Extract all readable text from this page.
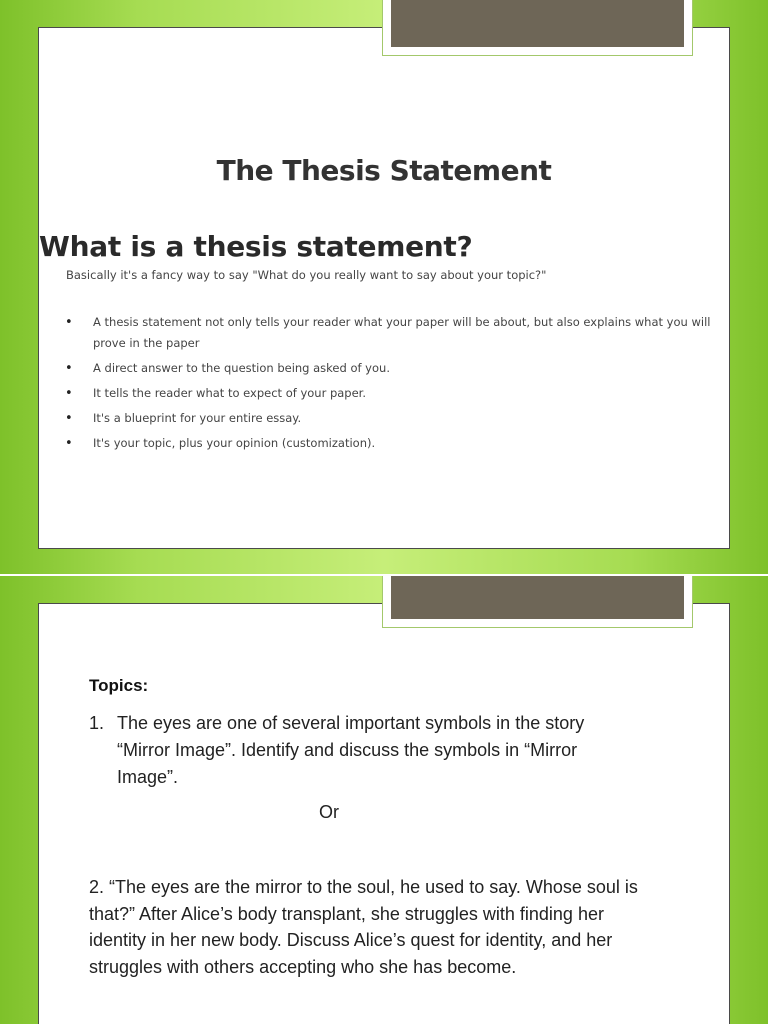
The Thesis Statement
What is a thesis statement?
Basically it's a fancy way to say "What do you really want to say about your topic?"
• A thesis statement not only tells your reader what your paper will be about, but also explains what you will prove in the paper
• A direct answer to the question being asked of you.
• It tells the reader what to expect of your paper.
• It's a blueprint for your entire essay.
• It's your topic, plus your opinion (customization).
Topics:
1. The eyes are one of several important symbols in the story “Mirror Image”. Identify and discuss the symbols in “Mirror Image”.
Or
2. “The eyes are the mirror to the soul, he used to say. Whose soul is that?” After Alice’s body transplant, she struggles with finding her identity in her new body. Discuss Alice’s quest for identity, and her struggles with others accepting who she has become.
